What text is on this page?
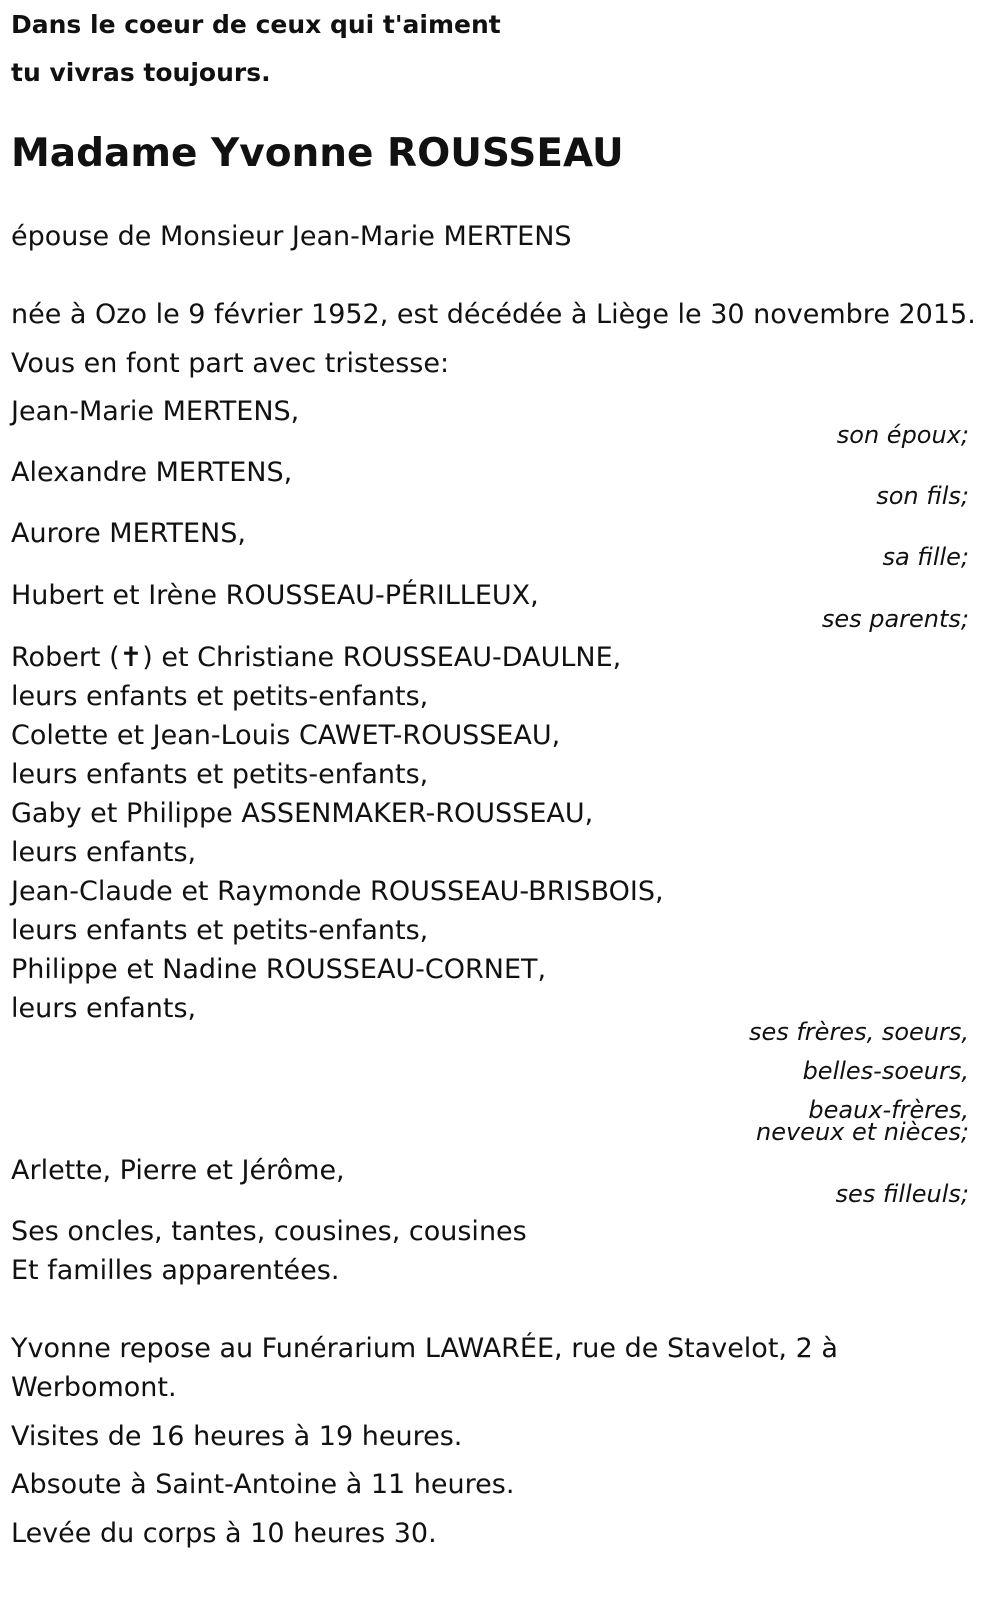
Dans le coeur de ceux qui t'aiment

tu vivras toujours.

Madame Yvonne ROUSSEAU

épouse de Monsieur Jean-Marie MERTENS

née à Ozo le 9 février 1952, est décédée à Liège le 30 novembre 2015.

Vous en font part avec tristesse:

Jean-Marie MERTENS,

son époux;

Alexandre MERTENS,

son fils;

Aurore MERTENS,

sa fille;

Hubert et Irène ROUSSEAU-PÉRILLEUX,

ses parents;

Robert (✝) et Christiane ROUSSEAU-DAULNE,

leurs enfants et petits-enfants,

Colette et Jean-Louis CAWET-ROUSSEAU,

leurs enfants et petits-enfants,

Gaby et Philippe ASSENMAKER-ROUSSEAU,

leurs enfants,

Jean-Claude et Raymonde ROUSSEAU-BRISBOIS,

leurs enfants et petits-enfants,

Philippe et Nadine ROUSSEAU-CORNET,

leurs enfants,

ses frères, soeurs,

belles-soeurs,

beaux-frères,

neveux et nièces;

Arlette, Pierre et Jérôme,

ses filleuls;

Ses oncles, tantes, cousines, cousines

Et familles apparentées.

Yvonne repose au Funérarium LAWARÉE, rue de Stavelot, 2 à

Werbomont.

Visites de 16 heures à 19 heures.

Absoute à Saint-Antoine à 11 heures.

Levée du corps à 10 heures 30.
